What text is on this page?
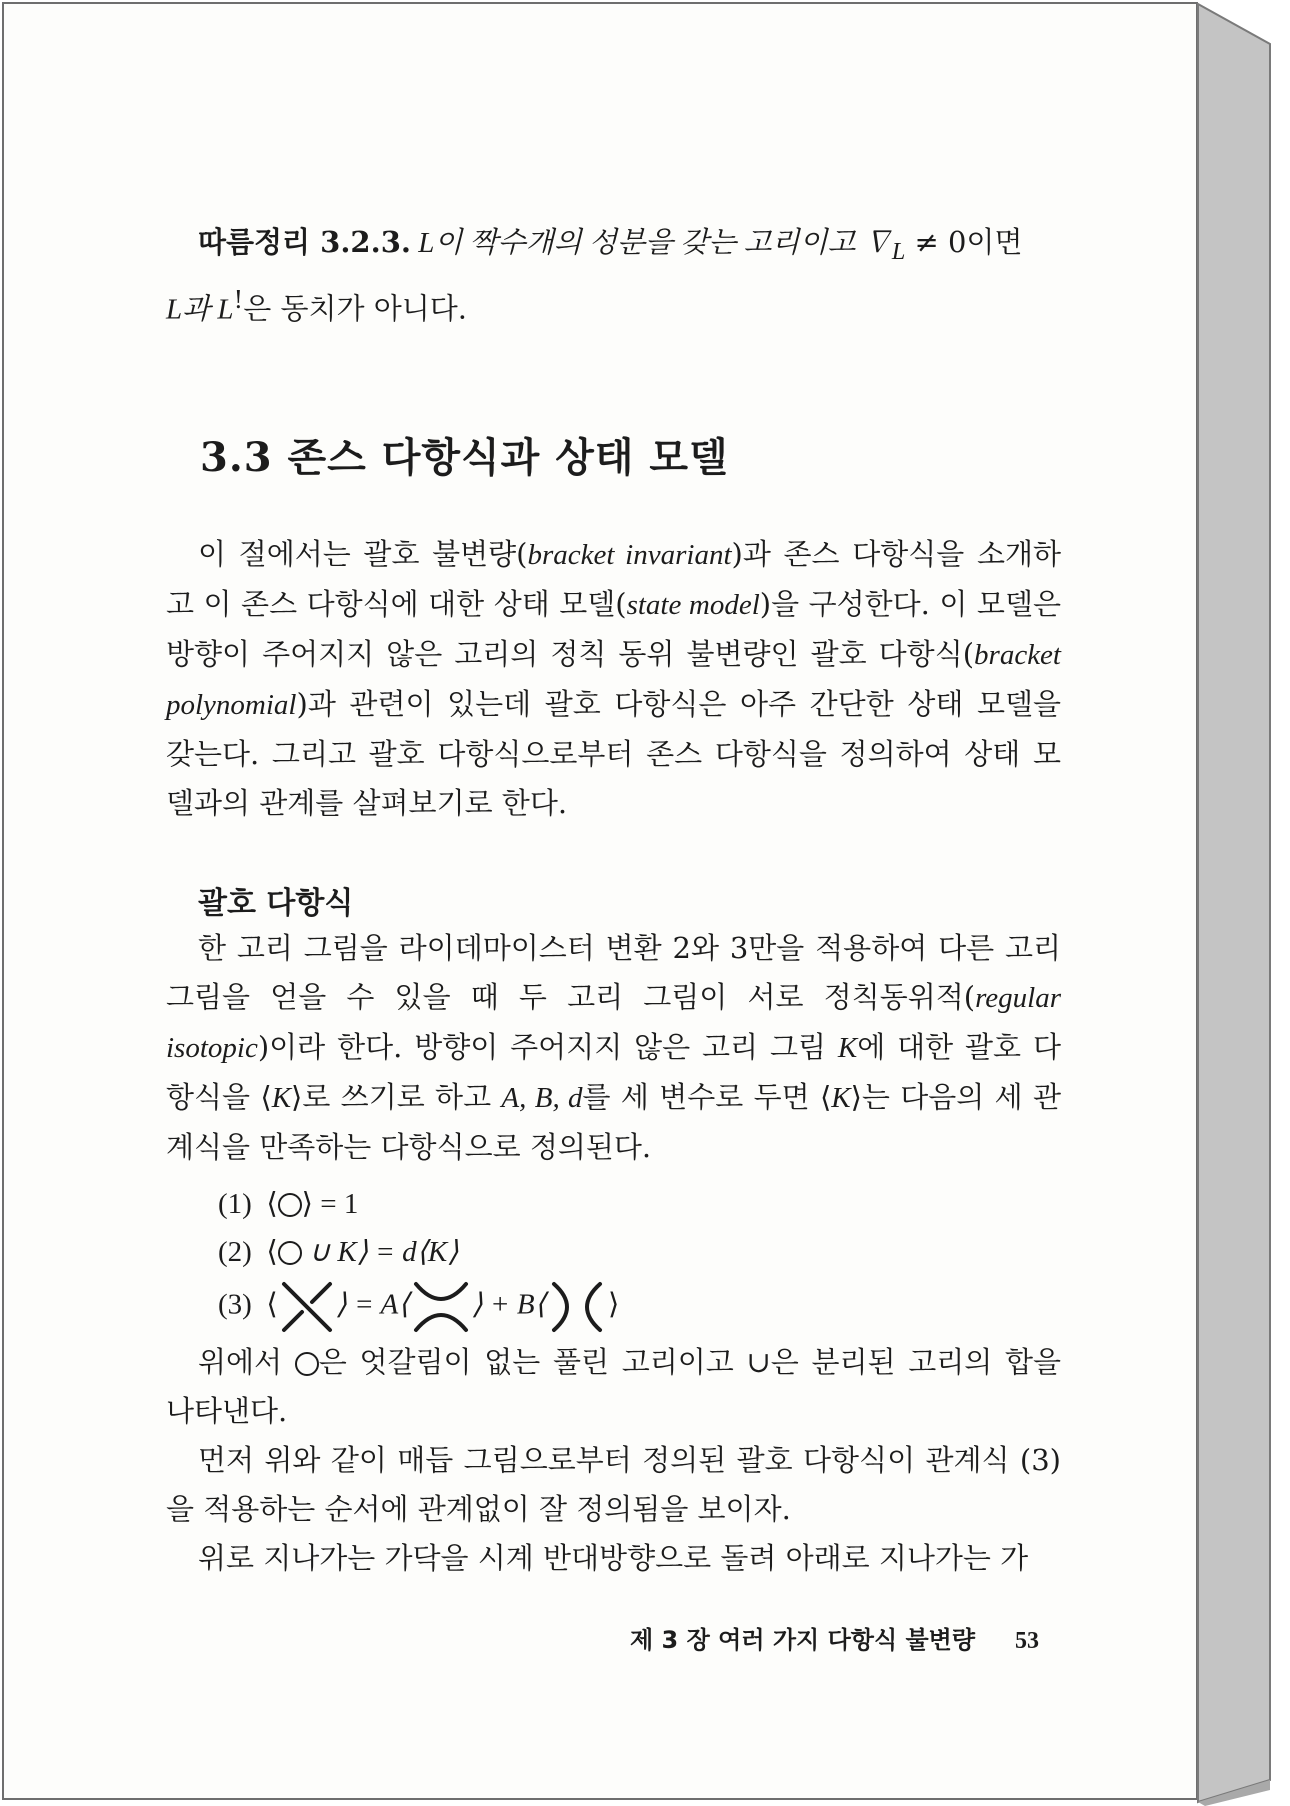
따름정리 3.2.3. L이 짝수개의 성분을 갖는 고리이고 $\nabla_L \ne 0$이면

L과 L!은 동치가 아니다.

3.3 존스 다항식과 상태 모델

이 절에서는 괄호 불변량(bracket invariant)과 존스 다항식을 소개하고 이 존스 다항식에 대한 상태 모델(state model)을 구성한다. 이 모델은 방향이 주어지지 않은 고리의 정칙 동위 불변량인 괄호 다항식(bracket polynomial)과 관련이 있는데 괄호 다항식은 아주 간단한 상태 모델을 갖는다. 그리고 괄호 다항식으로부터 존스 다항식을 정의하여 상태 모델과의 관계를 살펴보기로 한다.

괄호 다항식

한 고리 그림을 라이데마이스터 변환 2와 3만을 적용하여 다른 고리 그림을 얻을 수 있을 때 두 고리 그림이 서로 정칙동위적(regular isotopic)이라 한다. 방향이 주어지지 않은 고리 그림 K에 대한 괄호 다항식을 ⟨K⟩로 쓰기로 하고 A, B, d를 세 변수로 두면 ⟨K⟩는 다음의 세 관계식을 만족하는 다항식으로 정의된다.

(1) ⟨ ⟩ = 1
(2) ⟨ ∪ K⟩ = d⟨K⟩
(3) ⟨ ⟩ = A⟨ ⟩ + B⟨ ⟩

위에서 은 엇갈림이 없는 풀린 고리이고 ∪은 분리된 고리의 합을 나타낸다.

먼저 위와 같이 매듭 그림으로부터 정의된 괄호 다항식이 관계식 (3)을 적용하는 순서에 관계없이 잘 정의됨을 보이자.

위로 지나가는 가닥을 시계 반대방향으로 돌려 아래로 지나가는 가

제 3 장 여러 가지 다항식 불변량 53
